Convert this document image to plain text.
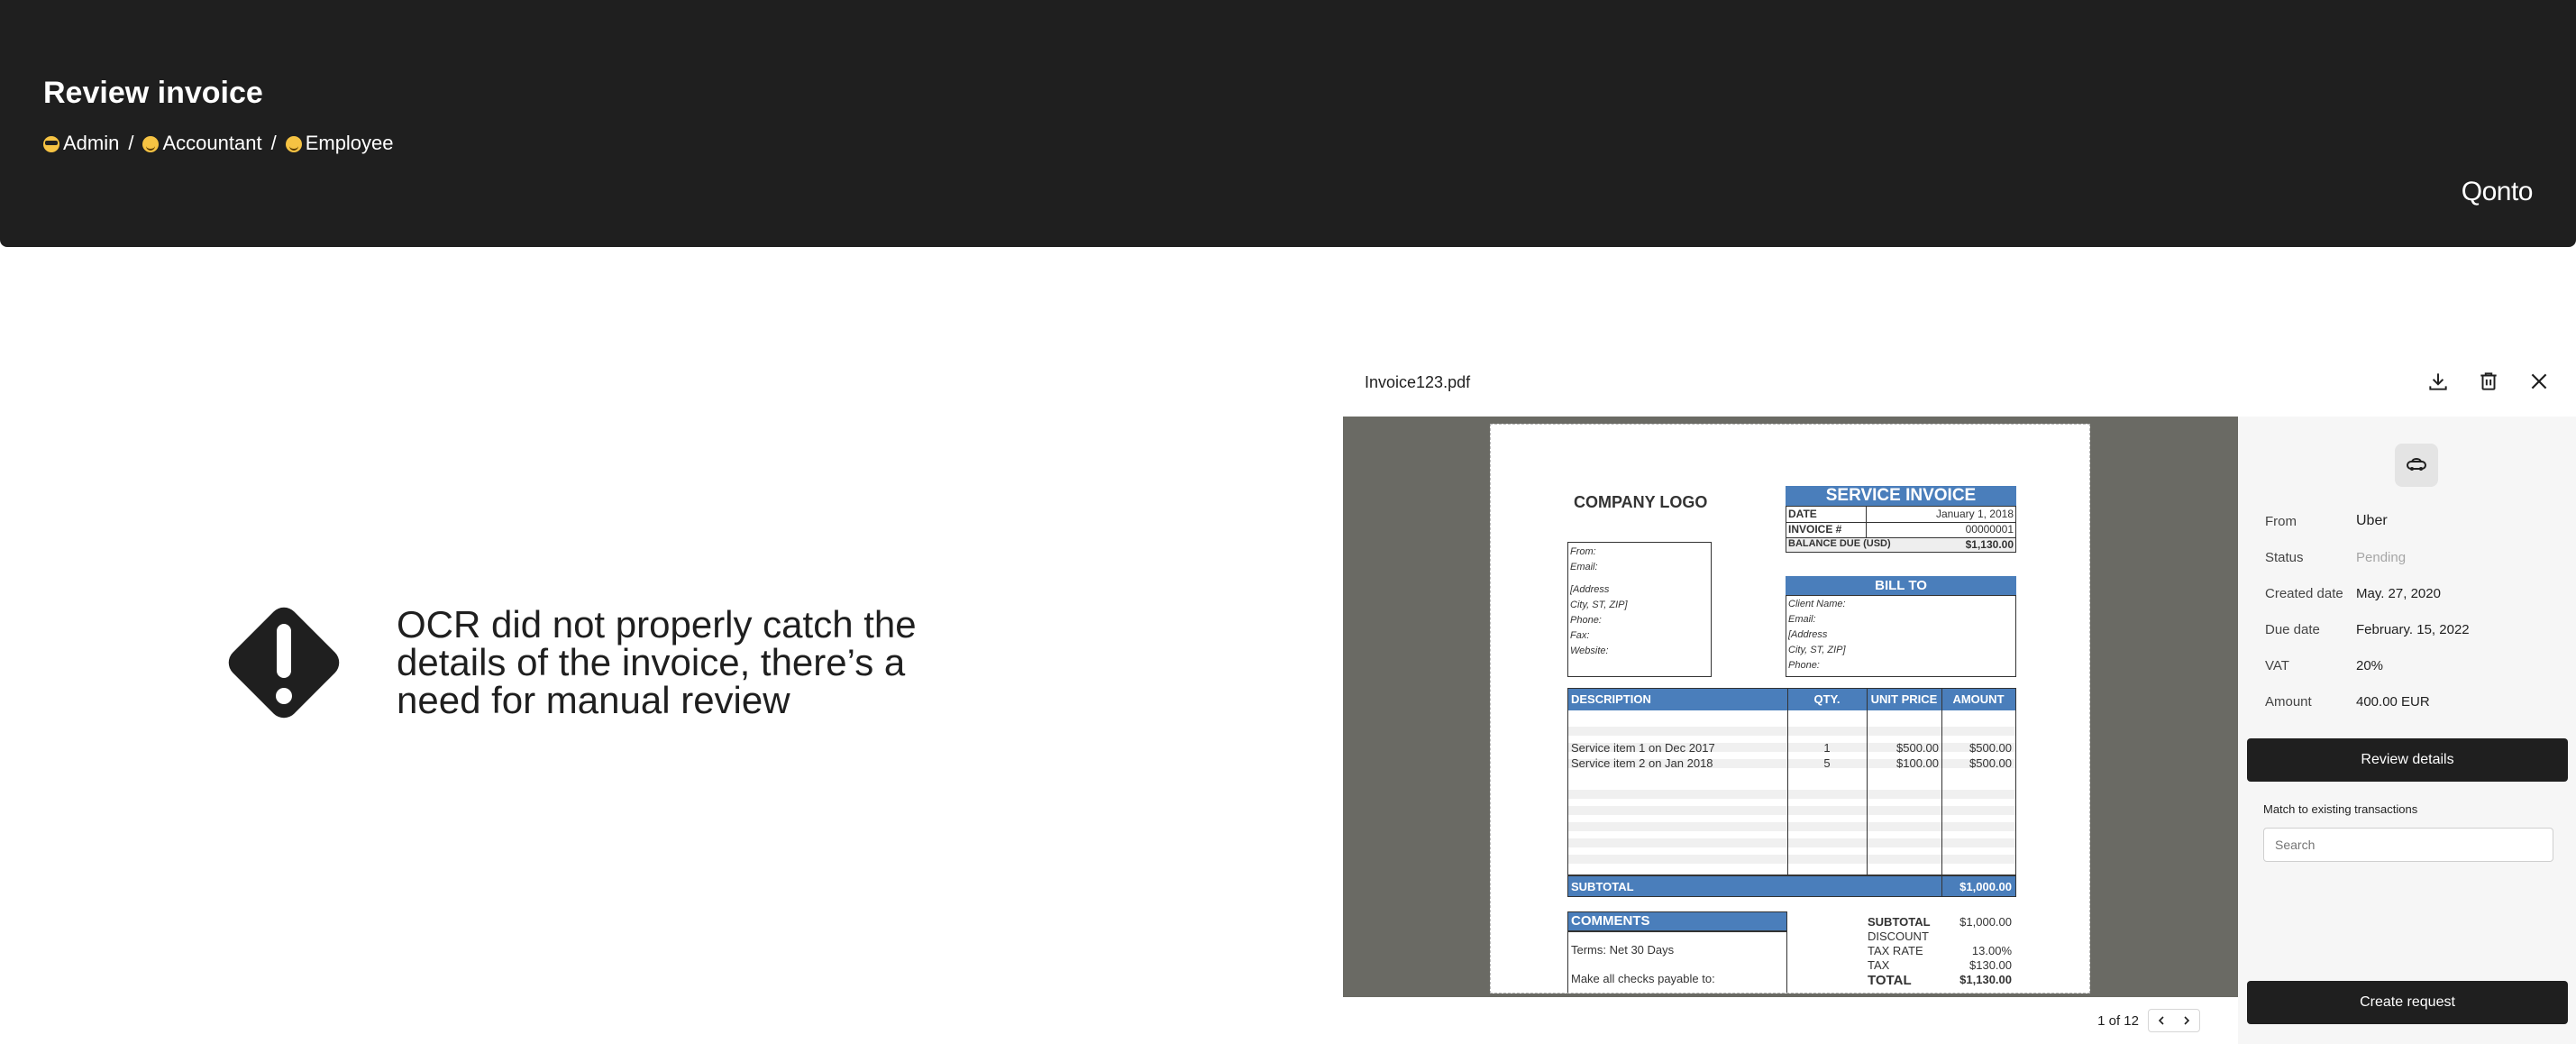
Review invoice
Admin /	Accountant /	Employee
Qonto
OCR did not properly catch the details of the invoice, there’s a need for manual review
Invoice123.pdf
COMPANY LOGO	SERVICE INVOICE
DATE	January 1, 2018
INVOICE #	00000001
BALANCE DUE (USD)	$1,130.00
From:
Email:
[Address
City, ST, ZIP]
Phone:
Fax:
Website:
BILL TO
Client Name:
Email:
[Address
City, ST, ZIP]
Phone:
DESCRIPTION	QTY.	UNIT PRICE	AMOUNT
Service item 1 on Dec 2017	1	$500.00	$500.00
Service item 2 on Jan 2018	5	$100.00	$500.00
SUBTOTAL	$1,000.00
COMMENTS
Terms: Net 30 Days
Make all checks payable to:
SUBTOTAL	$1,000.00
DISCOUNT
TAX RATE	13.00%
TAX	$130.00
TOTAL	$1,130.00
1 of 12
From	Uber
Status	Pending
Created date May. 27, 2020
Due date	February. 15, 2022
VAT	20%
Amount	400.00 EUR
Review details
Match to existing transactions
Search
Create request
